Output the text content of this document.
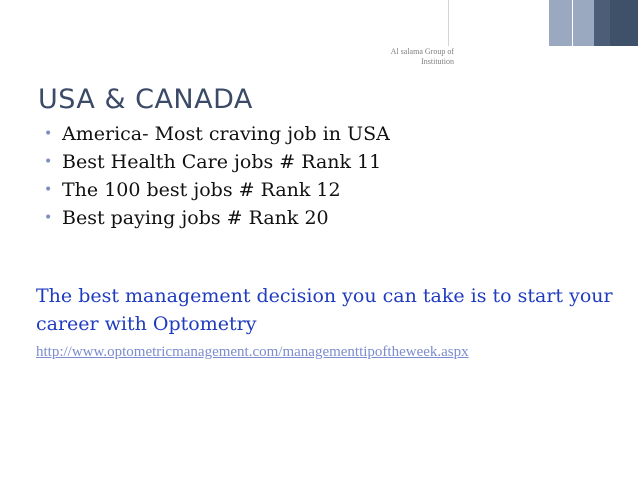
Al salama Group of
Institution
USA & CANADA
• America- Most craving job in USA
• Best Health Care jobs # Rank 11
• The 100 best jobs # Rank 12
• Best paying jobs # Rank 20
The best management decision you can take is to start your career with Optometry
http://www.optometricmanagement.com/managementtipoftheweek.aspx
